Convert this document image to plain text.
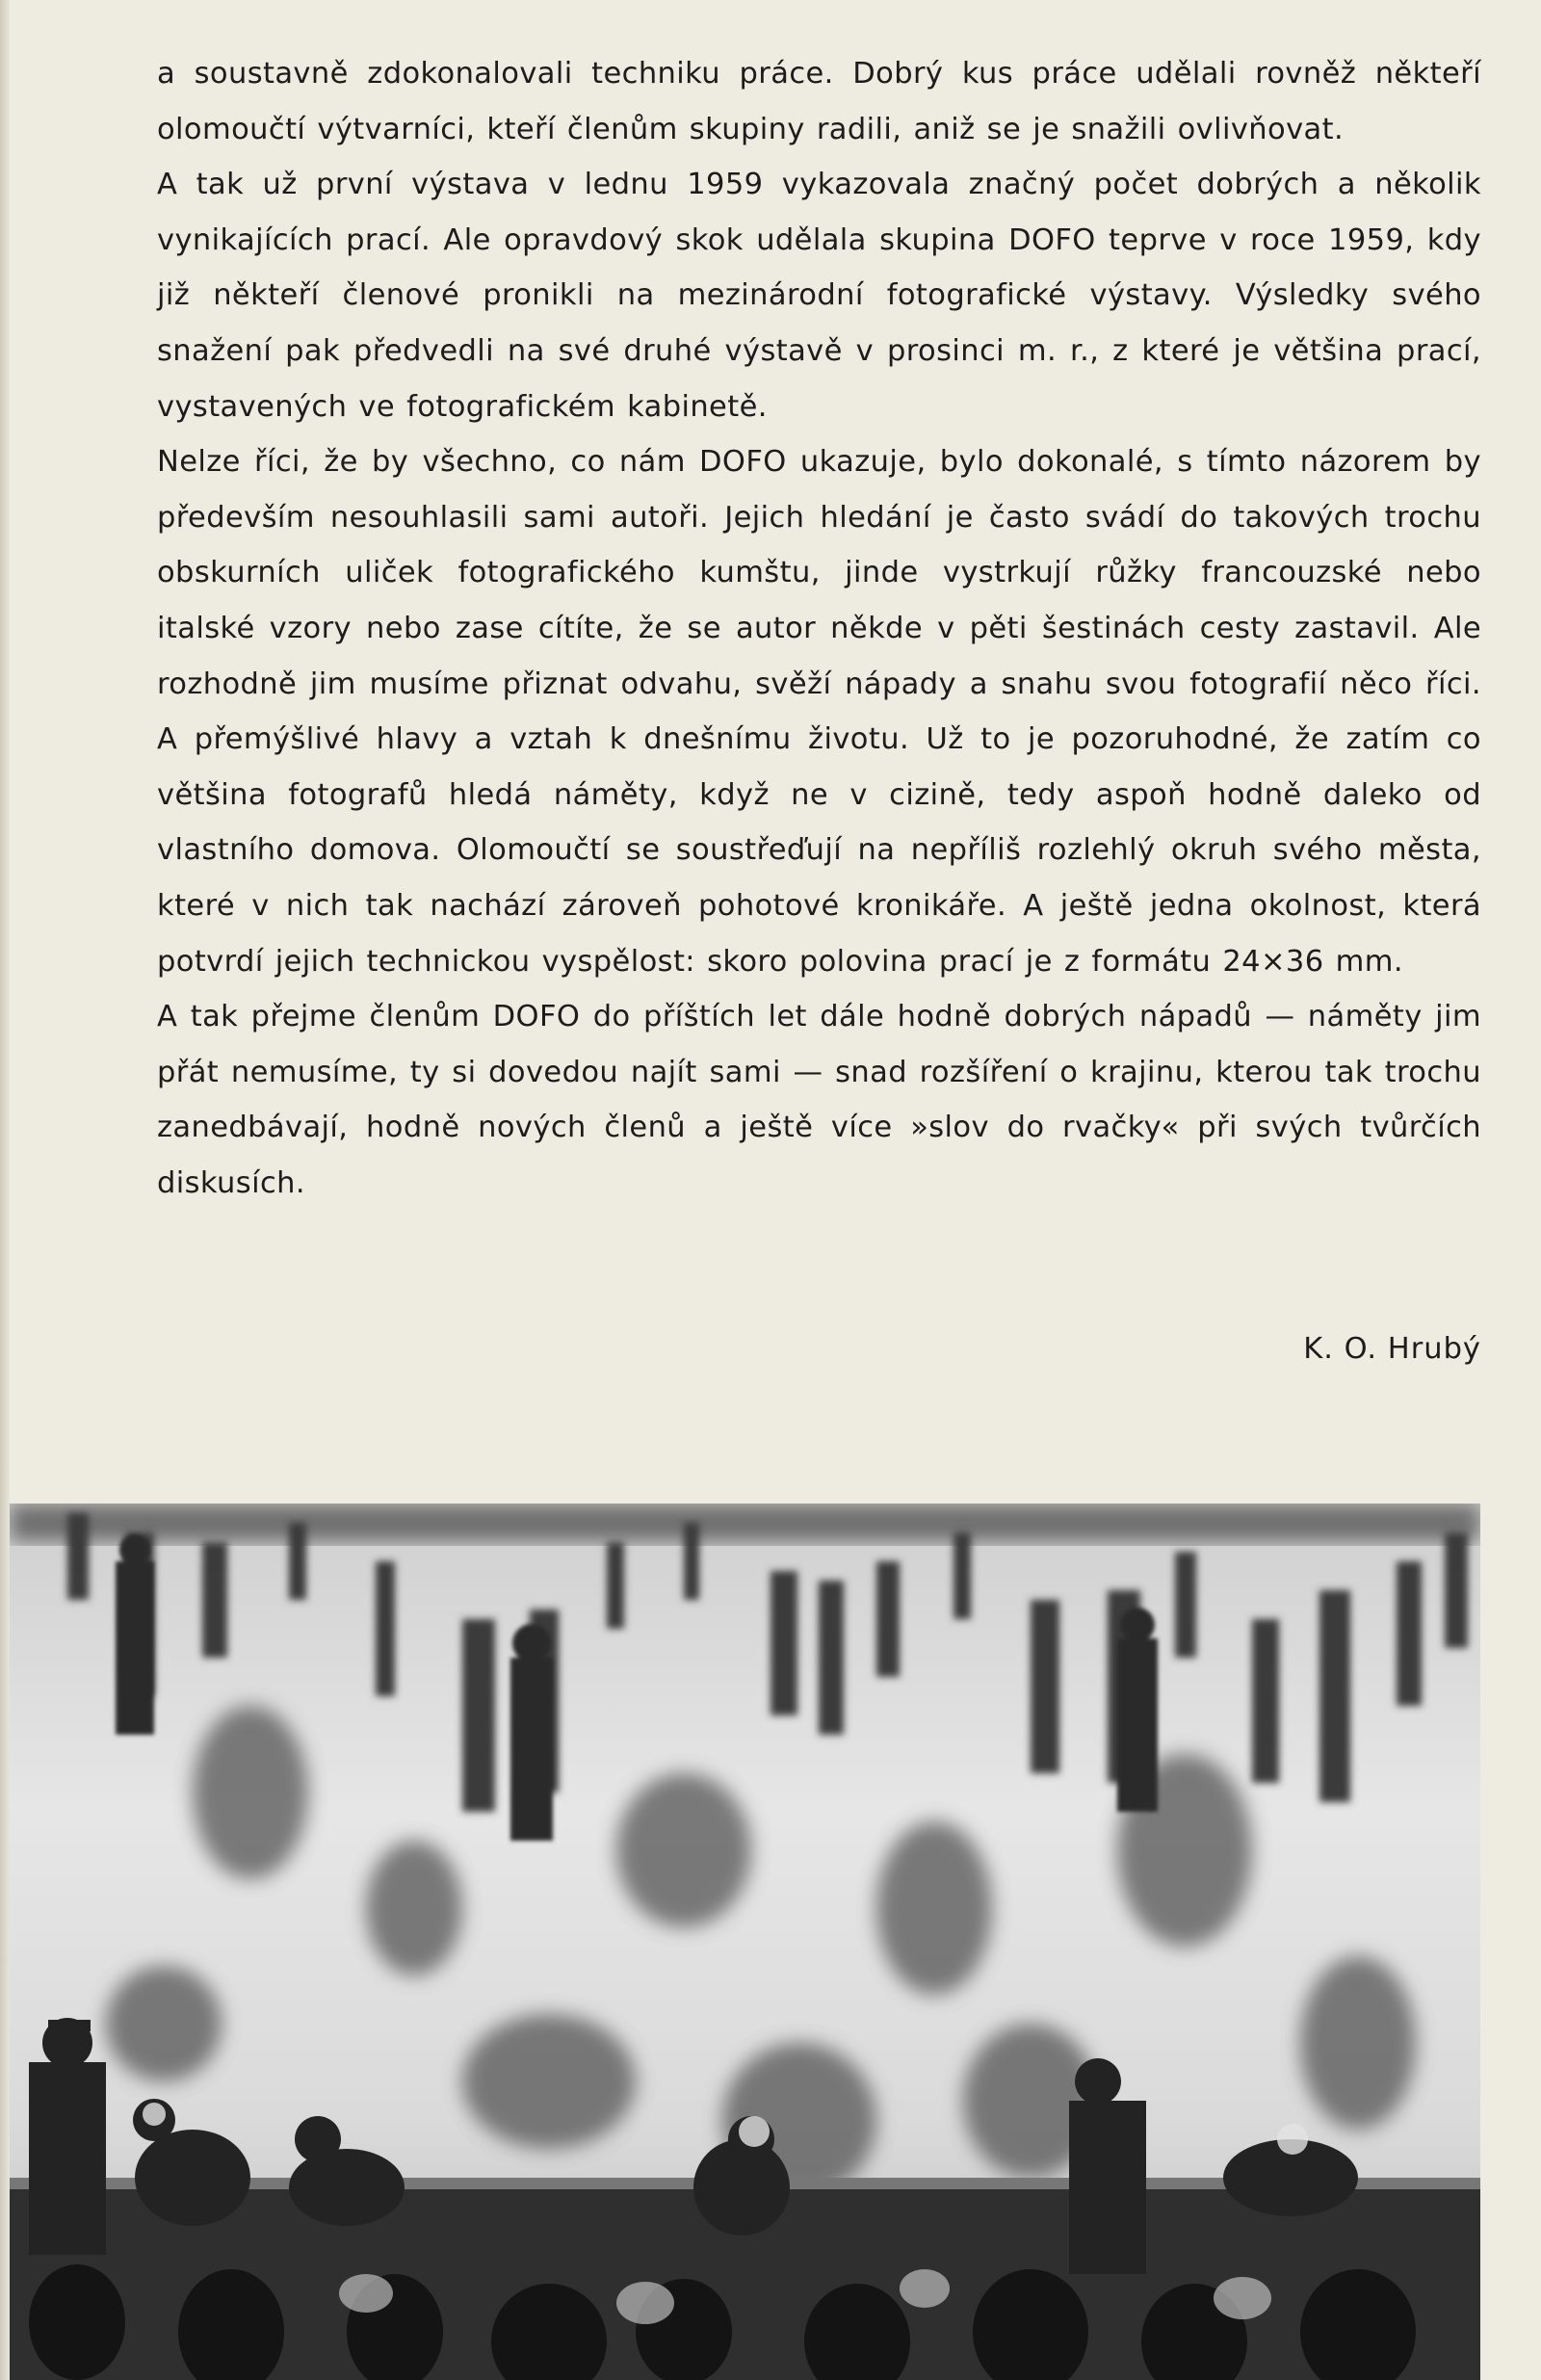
a soustavně zdokonalovali techniku práce. Dobrý kus práce udělali rovněž někteří olomoučtí výtvarníci, kteří členům skupiny radili, aniž se je snažili ovlivňovat.

A tak už první výstava v lednu 1959 vykazovala značný počet dobrých a několik vynikajících prací. Ale opravdový skok udělala skupina DOFO teprve v roce 1959, kdy již někteří členové pronikli na mezinárodní fotografické výstavy. Výsledky svého snažení pak předvedli na své druhé výstavě v prosinci m. r., z které je většina prací, vystavených ve fotografickém kabinetě.

Nelze říci, že by všechno, co nám DOFO ukazuje, bylo dokonalé, s tímto názorem by především nesouhlasili sami autoři. Jejich hledání je často svádí do takových trochu obskurních uliček fotografického kumštu, jinde vystrkují růžky francouzské nebo italské vzory nebo zase cítíte, že se autor někde v pěti šestinách cesty zastavil. Ale rozhodně jim musíme přiznat odvahu, svěží nápady a snahu svou fotografií něco říci. A přemýšlivé hlavy a vztah k dnešnímu životu. Už to je pozoruhodné, že zatím co většina fotografů hledá náměty, když ne v cizině, tedy aspoň hodně daleko od vlastního domova. Olomoučtí se soustřeďují na nepříliš rozlehlý okruh svého města, které v nich tak nachází zároveň pohotové kronikáře. A ještě jedna okolnost, která potvrdí jejich technickou vyspělost: skoro polovina prací je z formátu 24×36 mm.

A tak přejme členům DOFO do příštích let dále hodně dobrých nápadů — náměty jim přát nemusíme, ty si dovedou najít sami — snad rozšíření o krajinu, kterou tak trochu zanedbávají, hodně nových členů a ještě více »slov do rvačky« při svých tvůrčích diskusích.

K. O. Hrubý
